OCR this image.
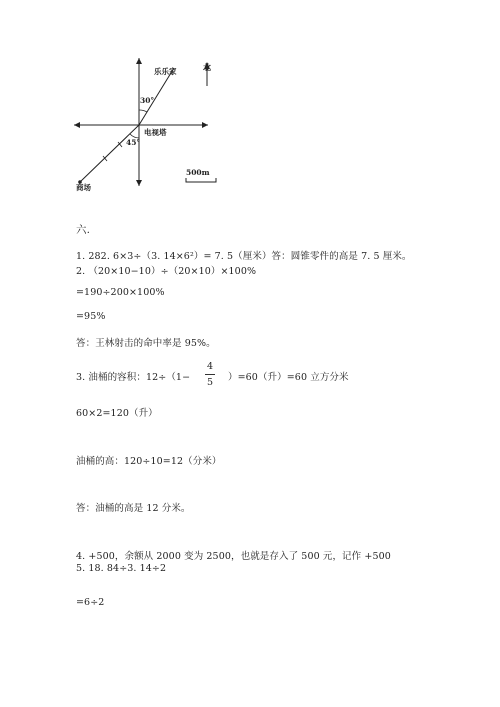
乐乐家	北
30°
电视塔
45°
商场
500m
六.
1. 282. 6×3÷（3. 14×6²）= 7. 5（厘米）答：圆锥零件的高是 7. 5 厘米。
2. （20×10−10）÷（20×10）×100%
=190÷200×100%
=95%
答：王林射击的命中率是 95%。
3. 油桶的容积：12÷（1−
4
5	）=60（升）=60 立方分米
60×2=120（升）
油桶的高：120÷10=12（分米）
答：油桶的高是 12 分米。
4. +500，余额从 2000 变为 2500，也就是存入了 500 元，记作 +500
5. 18. 84÷3. 14÷2
=6÷2
